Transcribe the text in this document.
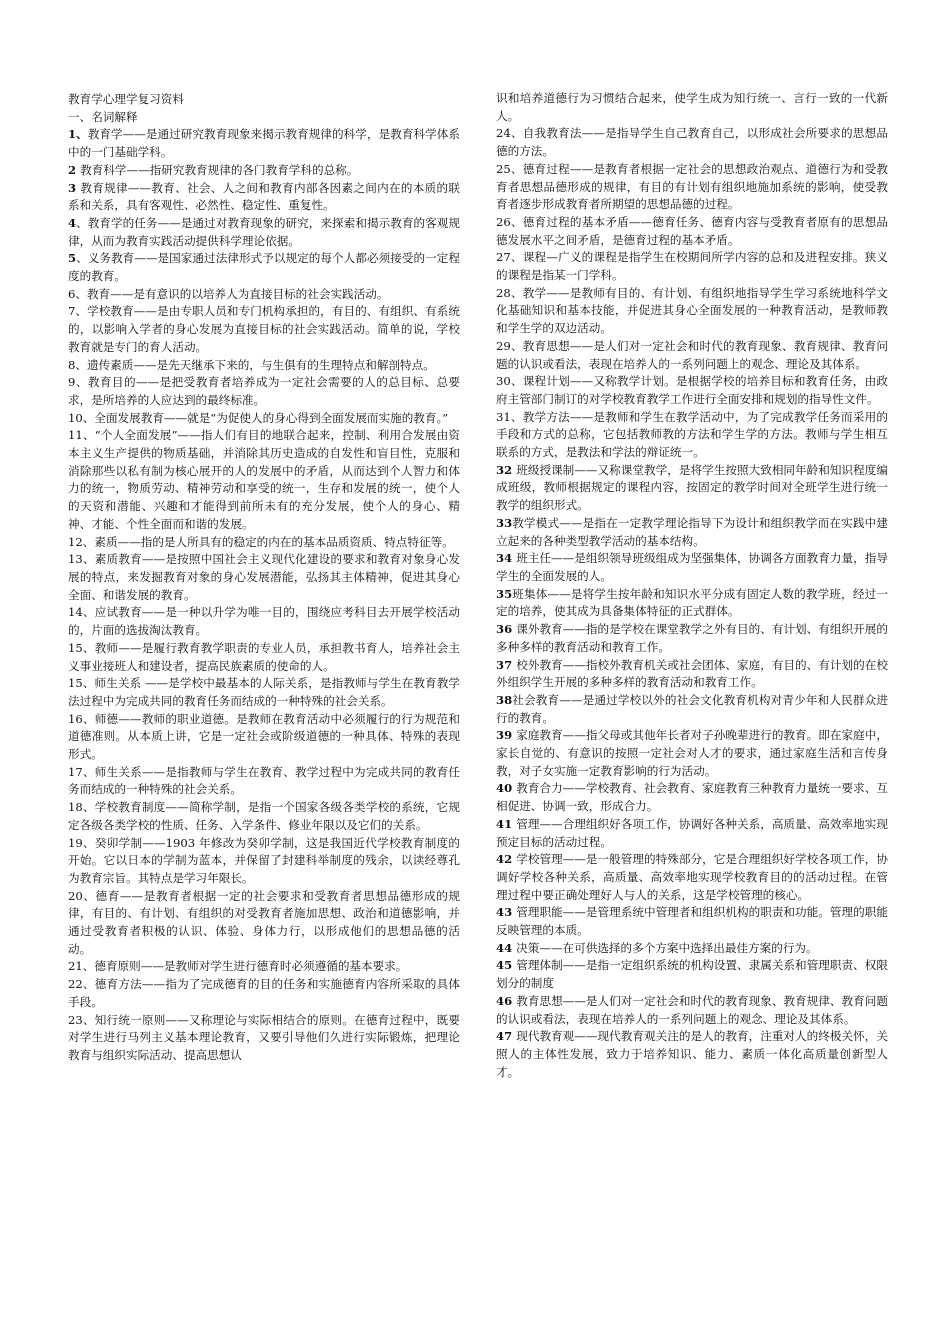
教育学心理学复习资料

一、名词解释

1、教育学——是通过研究教育现象来揭示教育规律的科学，是教育科学体系中的一门基础学科。

2 教育科学——指研究教育规律的各门教育学科的总称。

3 教育规律——教育、社会、人之间和教育内部各因素之间内在的本质的联系和关系，具有客观性、必然性、稳定性、重复性。

4、教育学的任务——是通过对教育现象的研究，来探索和揭示教育的客观规律，从而为教育实践活动提供科学理论依据。

5、义务教育——是国家通过法律形式予以规定的每个人都必须接受的一定程度的教育。

6、教育——是有意识的以培养人为直接目标的社会实践活动。

7、学校教育——是由专职人员和专门机构承担的，有目的、有组织、有系统的，以影响入学者的身心发展为直接目标的社会实践活动。简单的说，学校教育就是专门的育人活动。

8、遗传素质——是先天继承下来的，与生俱有的生理特点和解剖特点。

9、教育目的——是把受教育者培养成为一定社会需要的人的总目标、总要求，是所培养的人应达到的最终标准。

10、全面发展教育——就是“为促使人的身心得到全面发展而实施的教育。”

11、“个人全面发展”——指人们有目的地联合起来，控制、利用合发展由资本主义生产提供的物质基础，并消除其历史造成的自发性和盲目性，克服和消除那些以私有制为核心展开的人的发展中的矛盾，从而达到个人智力和体力的统一，物质劳动、精神劳动和享受的统一，生存和发展的统一，使个人的天资和潜能、兴趣和才能得到前所未有的充分发展，使个人的身心、精神、才能、个性全面而和谐的发展。

12、素质——指的是人所具有的稳定的内在的基本品质资质、特点特征等。

13、素质教育——是按照中国社会主义现代化建设的要求和教育对象身心发展的特点，来发掘教育对象的身心发展潜能，弘扬其主体精神，促进其身心全面、和谐发展的教育。

14、应试教育——是一种以升学为唯一目的，围绕应考科目去开展学校活动的，片面的选拔淘汰教育。

15、教师——是履行教育教学职责的专业人员，承担教书育人，培养社会主义事业接班人和建设者，提高民族素质的使命的人。

15、师生关系 ——是学校中最基本的人际关系，是指教师与学生在教育教学法过程中为完成共同的教育任务而结成的一种特殊的社会关系。

16、师德——教师的职业道德。是教师在教育活动中必须履行的行为规范和道德准则。从本质上讲，它是一定社会或阶级道德的一种具体、特殊的表现形式。

17、师生关系——是指教师与学生在教育、教学过程中为完成共同的教育任务而结成的一种特殊的社会关系。

18、学校教育制度——简称学制，是指一个国家各级各类学校的系统，它规定各级各类学校的性质、任务、入学条件、修业年限以及它们的关系。

19、癸卯学制——1903 年修改为癸卯学制，这是我国近代学校教育制度的开始。它以日本的学制为蓝本，并保留了封建科举制度的残余，以读经尊孔为教育宗旨。其特点是学习年限长。

20、德育——是教育者根据一定的社会要求和受教育者思想品德形成的规律，有目的、有计划、有组织的对受教育者施加思想、政治和道德影响，并通过受教育者积极的认识、体验、身体力行，以形成他们的思想品德的活动。

21、德育原则——是教师对学生进行德育时必须遵循的基本要求。

22、德育方法——指为了完成德育的目的任务和实施德育内容所采取的具体手段。

23、知行统一原则——又称理论与实际相结合的原则。在德育过程中，既要对学生进行马列主义基本理论教育，又要引导他们久进行实际锻炼，把理论教育与组织实际活动、提高思想认

识和培养道德行为习惯结合起来，使学生成为知行统一、言行一致的一代新人。

24、自我教育法——是指导学生自己教育自己，以形成社会所要求的思想品德的方法。

25、德育过程——是教育者根据一定社会的思想政治观点、道德行为和受教育者思想品德形成的规律，有目的有计划有组织地施加系统的影响，使受教育者逐步形成教育者所期望的思想品德的过程。

26、德育过程的基本矛盾——德育任务、德育内容与受教育者原有的思想品德发展水平之间矛盾，是德育过程的基本矛盾。

27、课程—广义的课程是指学生在校期间所学内容的总和及进程安排。狭义的课程是指某一门学科。

28、教学——是教师有目的、有计划、有组织地指导学生学习系统地科学文化基础知识和基本技能，并促进其身心全面发展的一种教育活动，是教师教和学生学的双边活动。

29、教育思想——是人们对一定社会和时代的教育现象、教育规律、教育问题的认识或看法，表现在培养人的一系列问题上的观念、理论及其体系。

30、课程计划——又称教学计划。是根据学校的培养目标和教育任务，由政府主管部门制订的对学校教育教学工作进行全面安排和规划的指导性文件。

31、教学方法——是教师和学生在教学活动中，为了完成教学任务而采用的手段和方式的总称，它包括教师教的方法和学生学的方法。教师与学生相互联系的方式，是教法和学法的辩证统一。

32 班级授课制——又称课堂教学，是将学生按照大致相同年龄和知识程度编成班级，教师根据规定的课程内容，按固定的教学时间对全班学生进行统一教学的组织形式。

33教学模式——是指在一定教学理论指导下为设计和组织教学而在实践中建立起来的各种类型教学活动的基本结构。

34 班主任——是组织领导班级组成为坚强集体，协调各方面教育力量，指导学生的全面发展的人。

35班集体——是将学生按年龄和知识水平分成有固定人数的教学班，经过一定的培养，使其成为具备集体特征的正式群体。

36 课外教育——指的是学校在课堂教学之外有目的、有计划、有组织开展的多种多样的教育活动和教育工作。

37 校外教育——指校外教育机关或社会团体、家庭，有目的、有计划的在校外组织学生开展的多种多样的教育活动和教育工作。

38社会教育——是通过学校以外的社会文化教育机构对青少年和人民群众进行的教育。

39 家庭教育——指父母或其他年长者对子孙晚辈进行的教育。即在家庭中，家长自觉的、有意识的按照一定社会对人才的要求，通过家庭生活和言传身教，对子女实施一定教育影响的行为活动。

40 教育合力——学校教育、社会教育、家庭教育三种教育力量统一要求、互相促进、协调一致，形成合力。

41 管理——合理组织好各项工作，协调好各种关系，高质量、高效率地实现预定目标的活动过程。

42 学校管理——是一般管理的特殊部分，它是合理组织好学校各项工作，协调好学校各种关系，高质量、高效率地实现学校教育目的的活动过程。在管理过程中要正确处理好人与人的关系，这是学校管理的核心。

43 管理职能——是管理系统中管理者和组织机构的职责和功能。管理的职能反映管理的本质。

44 决策——在可供选择的多个方案中选择出最佳方案的行为。

45 管理体制——是指一定组织系统的机构设置、隶属关系和管理职责、权限划分的制度

46 教育思想——是人们对一定社会和时代的教育现象、教育规律、教育问题的认识或看法，表现在培养人的一系列问题上的观念、理论及其体系。

47 现代教育观——现代教育观关注的是人的教育，注重对人的终极关怀，关照人的主体性发展，致力于培养知识、能力、素质一体化高质量创新型人才。
